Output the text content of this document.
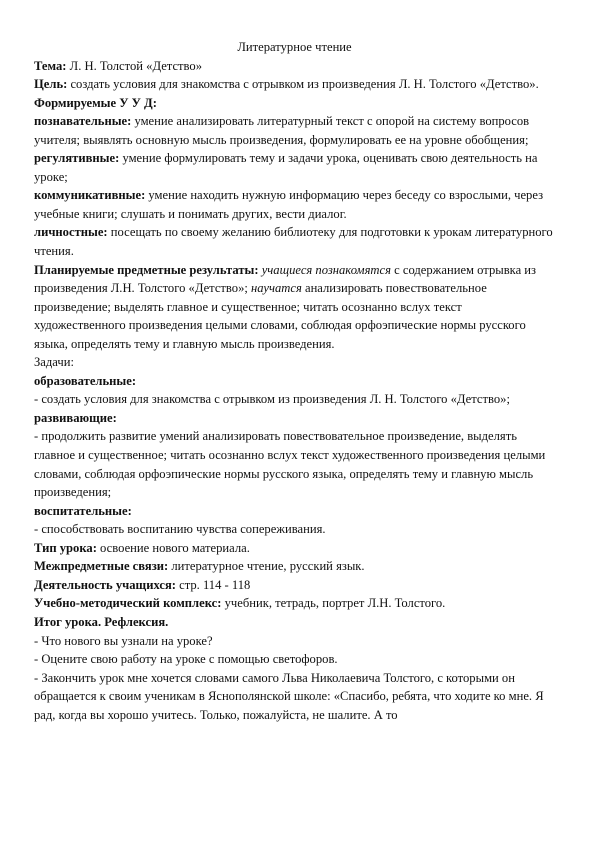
Литературное чтение

Тема: Л. Н. Толстой «Детство»

Цель: создать условия для знакомства с отрывком из произведения Л. Н. Толстого «Детство».

Формируемые У У Д:

познавательные: умение анализировать литературный текст с опорой на систему вопросов учителя; выявлять основную мысль произведения, формулировать ее на уровне обобщения;

регулятивные: умение формулировать тему и задачи урока, оценивать свою деятельность на уроке;

коммуникативные: умение находить нужную информацию через беседу со взрослыми, через учебные книги; слушать и понимать других, вести диалог.

личностные: посещать по своему желанию библиотеку для подготовки к урокам литературного чтения.

Планируемые предметные результаты: учащиеся познакомятся с содержанием отрывка из произведения Л.Н. Толстого «Детство»; научатся анализировать повествовательное произведение; выделять главное и существенное; читать осознанно вслух текст художественного произведения целыми словами, соблюдая орфоэпические нормы русского языка, определять тему и главную мысль произведения.

Задачи:

образовательные:

- создать условия для знакомства с отрывком из произведения Л. Н. Толстого «Детство»;

развивающие:

- продолжить развитие умений анализировать повествовательное произведение, выделять главное и существенное; читать осознанно вслух текст художественного произведения целыми словами, соблюдая орфоэпические нормы русского языка, определять тему и главную мысль произведения;

воспитательные:

- способствовать воспитанию чувства сопереживания.

Тип урока: освоение нового материала.

Межпредметные связи: литературное чтение, русский язык.

Деятельность учащихся: стр. 114 - 118

Учебно-методический комплекс: учебник, тетрадь, портрет Л.Н. Толстого.

Итог урока. Рефлексия.

- Что нового вы узнали на уроке?

- Оцените свою работу на уроке с помощью светофоров.

- Закончить урок мне хочется словами самого Льва Николаевича Толстого, с которыми он обращается к своим ученикам в Яснополянской школе: «Спасибо, ребята, что ходите ко мне. Я рад, когда вы хорошо учитесь. Только, пожалуйста, не шалите. А то
